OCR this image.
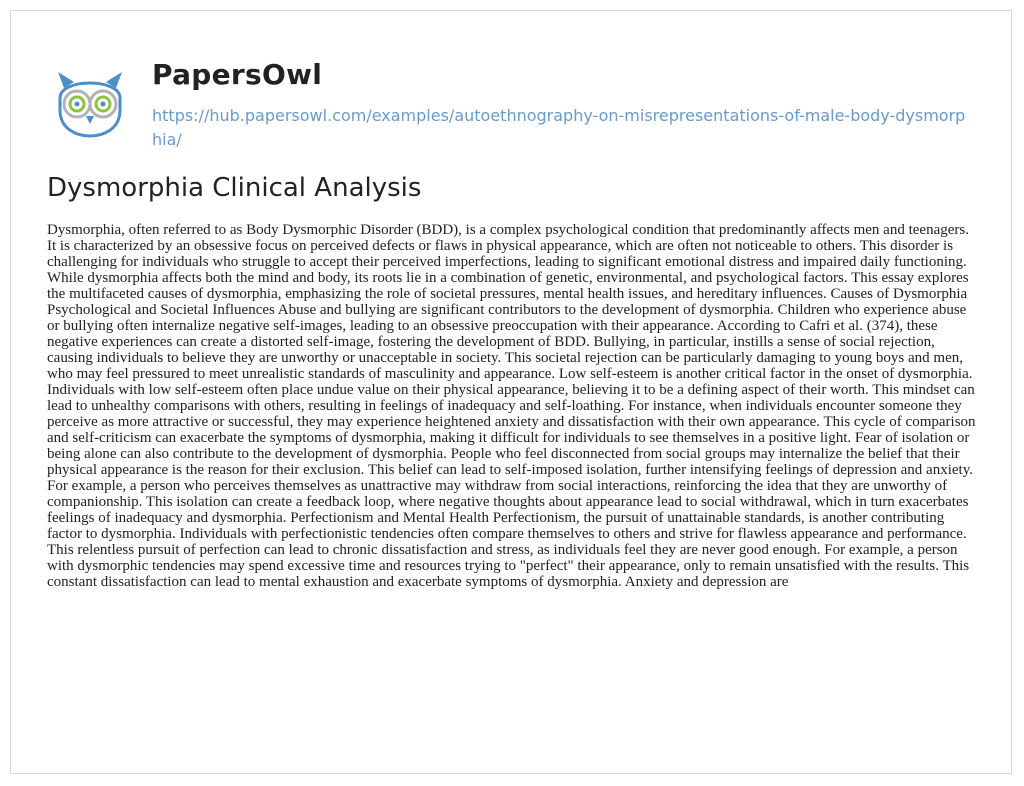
PapersOwl
https://hub.papersowl.com/examples/autoethnography-on-misrepresentations-of-male-body-dysmorphia/
Dysmorphia Clinical Analysis

Dysmorphia, often referred to as Body Dysmorphic Disorder (BDD), is a complex psychological condition that predominantly affects men and teenagers. It is characterized by an obsessive focus on perceived defects or flaws in physical appearance, which are often not noticeable to others. This disorder is challenging for individuals who struggle to accept their perceived imperfections, leading to significant emotional distress and impaired daily functioning. While dysmorphia affects both the mind and body, its roots lie in a combination of genetic, environmental, and psychological factors. This essay explores the multifaceted causes of dysmorphia, emphasizing the role of societal pressures, mental health issues, and hereditary influences. Causes of Dysmorphia Psychological and Societal Influences Abuse and bullying are significant contributors to the development of dysmorphia. Children who experience abuse or bullying often internalize negative self-images, leading to an obsessive preoccupation with their appearance. According to Cafri et al. (374), these negative experiences can create a distorted self-image, fostering the development of BDD. Bullying, in particular, instills a sense of social rejection, causing individuals to believe they are unworthy or unacceptable in society. This societal rejection can be particularly damaging to young boys and men, who may feel pressured to meet unrealistic standards of masculinity and appearance. Low self-esteem is another critical factor in the onset of dysmorphia. Individuals with low self-esteem often place undue value on their physical appearance, believing it to be a defining aspect of their worth. This mindset can lead to unhealthy comparisons with others, resulting in feelings of inadequacy and self-loathing. For instance, when individuals encounter someone they perceive as more attractive or successful, they may experience heightened anxiety and dissatisfaction with their own appearance. This cycle of comparison and self-criticism can exacerbate the symptoms of dysmorphia, making it difficult for individuals to see themselves in a positive light. Fear of isolation or being alone can also contribute to the development of dysmorphia. People who feel disconnected from social groups may internalize the belief that their physical appearance is the reason for their exclusion. This belief can lead to self-imposed isolation, further intensifying feelings of depression and anxiety. For example, a person who perceives themselves as unattractive may withdraw from social interactions, reinforcing the idea that they are unworthy of companionship. This isolation can create a feedback loop, where negative thoughts about appearance lead to social withdrawal, which in turn exacerbates feelings of inadequacy and dysmorphia. Perfectionism and Mental Health Perfectionism, the pursuit of unattainable standards, is another contributing factor to dysmorphia. Individuals with perfectionistic tendencies often compare themselves to others and strive for flawless appearance and performance. This relentless pursuit of perfection can lead to chronic dissatisfaction and stress, as individuals feel they are never good enough. For example, a person with dysmorphic tendencies may spend excessive time and resources trying to "perfect" their appearance, only to remain unsatisfied with the results. This constant dissatisfaction can lead to mental exhaustion and exacerbate symptoms of dysmorphia. Anxiety and depression are
